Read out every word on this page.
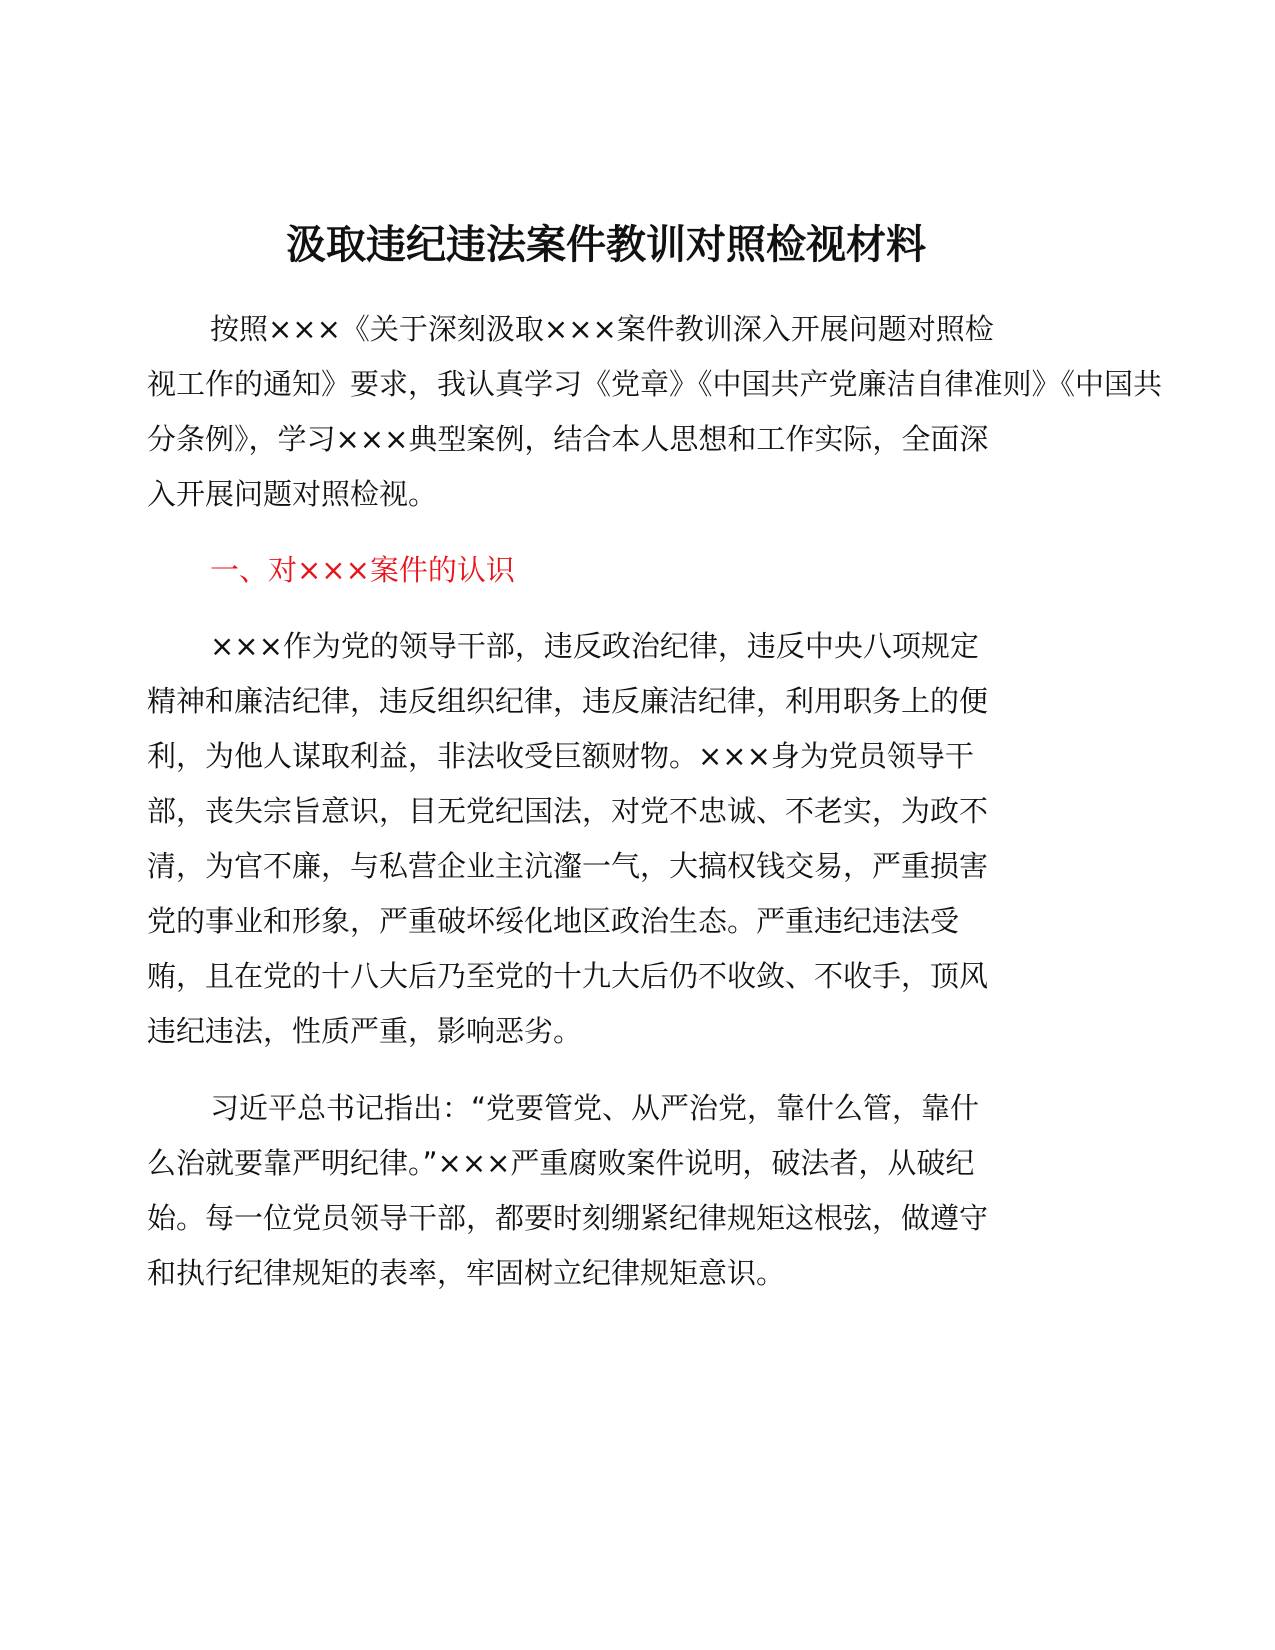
汲取违纪违法案件教训对照检视材料
按照×××《关于深刻汲取×××案件教训深入开展问题对照检
视工作的通知》要求，我认真学习《党章》《中国共产党廉洁自律准则》《中国共
分条例》，学习×××典型案例，结合本人思想和工作实际，全面深
入开展问题对照检视。
一、对×××案件的认识
×××作为党的领导干部，违反政治纪律，违反中央八项规定
精神和廉洁纪律，违反组织纪律，违反廉洁纪律，利用职务上的便
利，为他人谋取利益，非法收受巨额财物。×××身为党员领导干
部，丧失宗旨意识，目无党纪国法，对党不忠诚、不老实，为政不
清，为官不廉，与私营企业主沆瀣一气，大搞权钱交易，严重损害
党的事业和形象，严重破坏绥化地区政治生态。严重违纪违法受
贿，且在党的十八大后乃至党的十九大后仍不收敛、不收手，顶风
违纪违法，性质严重，影响恶劣。
习近平总书记指出：“党要管党、从严治党，靠什么管，靠什
么治就要靠严明纪律。”×××严重腐败案件说明，破法者，从破纪
始。每一位党员领导干部，都要时刻绷紧纪律规矩这根弦，做遵守
和执行纪律规矩的表率，牢固树立纪律规矩意识。
